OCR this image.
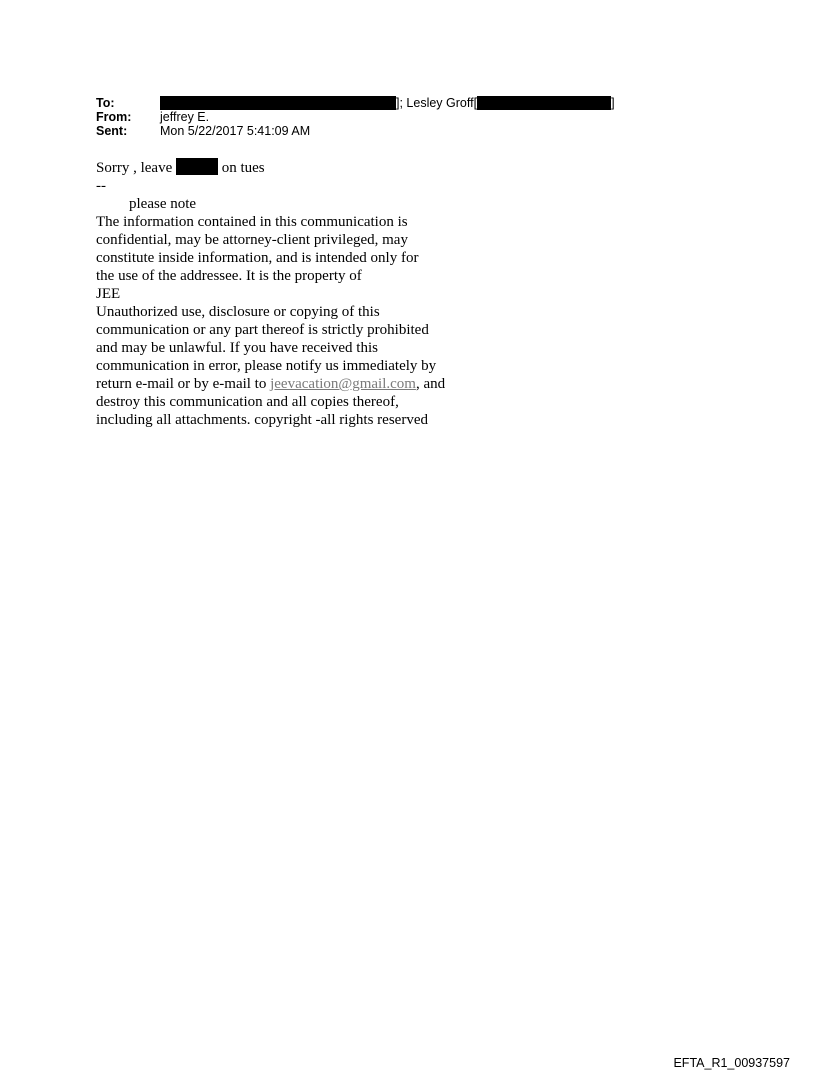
To:	]; Lesley Groff[	]
From: jeffrey E.
Sent:	Mon 5/22/2017 5:41:09 AM

Sorry , leave	on tues

--

please note

The information contained in this communication is

confidential, may be attorney-client privileged, may

constitute inside information, and is intended only for

the use of the addressee. It is the property of

JEE

Unauthorized use, disclosure or copying of this

communication or any part thereof is strictly prohibited

and may be unlawful. If you have received this

communication in error, please notify us immediately by

return e-mail or by e-mail to jeevacation@gmail.com, and

destroy this communication and all copies thereof,

including all attachments. copyright -all rights reserved

EFTA_R1_00937597
